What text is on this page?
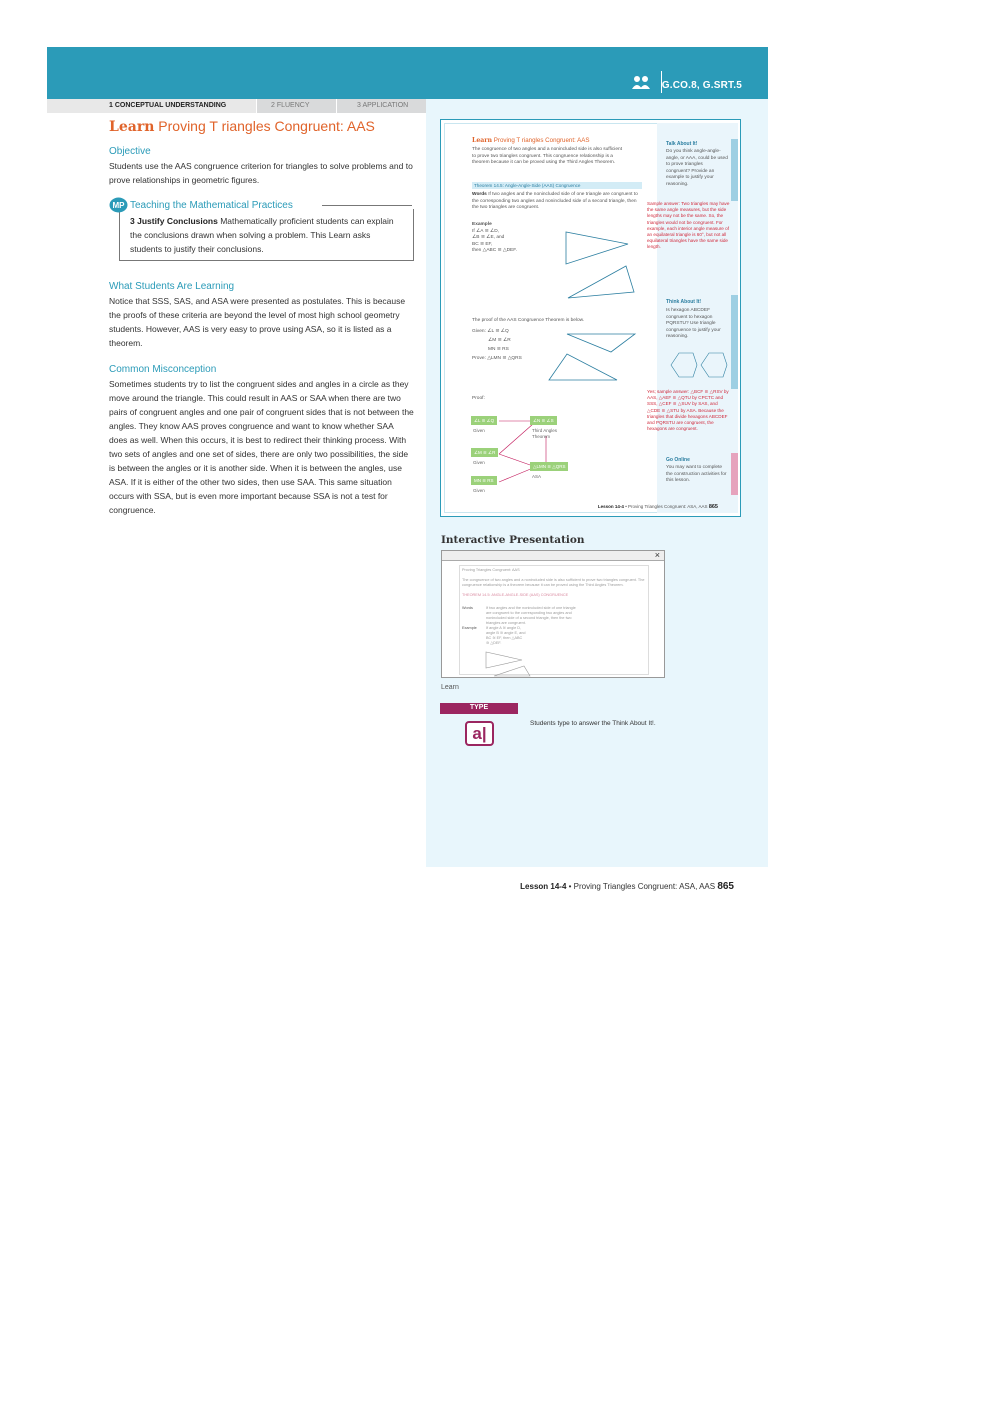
G.CO.8, G.SRT.5
1 CONCEPTUAL UNDERSTANDING	2 FLUENCY	3 APPLICATION
Learn Proving T riangles Congruent: AAS
Objective
Students use the AAS congruence criterion for triangles to solve problems and to prove relationships in geometric figures.
MP Teaching the Mathematical Practices
3 Justify Conclusions Mathematically proficient students can explain the conclusions drawn when solving a problem. This Learn asks students to justify their conclusions.
What Students Are Learning
Notice that SSS, SAS, and ASA were presented as postulates. This is because the proofs of these criteria are beyond the level of most high school geometry students. However, AAS is very easy to prove using ASA, so it is listed as a theorem.
Common Misconception
Sometimes students try to list the congruent sides and angles in a circle as they move around the triangle. This could result in AAS or SAA when there are two pairs of congruent angles and one pair of congruent sides that is not between the angles. They know AAS proves congruence and want to know whether SAA does as well. When this occurs, it is best to redirect their thinking process. With two sets of angles and one set of sides, there are only two possibilities, the side is between the angles or it is another side. When it is between the angles, use ASA. If it is either of the other two sides, then use SAA. This same situation occurs with SSA, but is even more important because SSA is not a test for congruence.
Learn Proving T riangles Congruent: AAS
The congruence of two angles and a nonincluded side is also sufficient to prove two triangles congruent. This congruence relationship is a theorem because it can be proved using the Third Angles Theorem.
Theorem 14.5: Angle-Angle-Side (AAS) Congruence
Words If two angles and the nonincluded side of one triangle are congruent to the corresponding two angles and nonincluded side of a second triangle, then the two triangles are congruent.
Example
If ∠A ≅ ∠D,
∠B ≅ ∠E, and
BC ≅ EF,
then △ABC ≅ △DEF.
The proof of the AAS Congruence Theorem is below.
Given: ∠L ≅ ∠Q
∠M ≅ ∠R
MN ≅ RS
Prove: △LMN ≅ △QRS
Proof:
∠L ≅ ∠Q
Given
∠N ≅ ∠S
Third Angles Theorem
∠M ≅ ∠R
Given
△LMN ≅ △QRS
ASA
MN ≅ RS
Given
Talk About It!
Do you think angle-angle-angle, or AAA, could be used to prove triangles congruent? Provide an example to justify your reasoning.
Sample answer: Two triangles may have the same angle measures, but the side lengths may not be the same. So, the triangles would not be congruent. For example, each interior angle measure of an equilateral triangle is 60°, but not all equilateral triangles have the same side length.
Think About It!
Is hexagon ABCDEF congruent to hexagon PQRSTU? Use triangle congruence to justify your reasoning.
Yes; sample answer: △BCF ≅ △RSV by AAS, △AEF ≅ △QTU by CPCTC and SSS, △CEF ≅ △SUV by SAS, and △CDE ≅ △STU by ASA. Because the triangles that divide hexagons ABCDEF and PQRSTU are congruent, the hexagons are congruent.
Go Online
You may want to complete the construction activities for this lesson.
Lesson 14-4 • Proving Triangles Congruent: ASA, AAS 865
Interactive Presentation
×
Proving Triangles Congruent: AAS
The congruence of two angles and a nonincluded side is also sufficient to prove two triangles congruent. The congruence relationship is a theorem because it can be proved using the Third Angles Theorem.
THEOREM 14.5: ANGLE-ANGLE-SIDE (AAS) CONGRUENCE
Words	If two angles and the nonincluded side of one triangle are congruent to the corresponding two angles and nonincluded side of a second triangle, then the two triangles are congruent.
Example If angle A ≅ angle D, angle B ≅ angle E, and BC ≅ EF, then △ABC ≅ △DEF.
Learn
TYPE
a|
Students type to answer the Think About It!.
Lesson 14-4 • Proving Triangles Congruent: ASA, AAS 865
